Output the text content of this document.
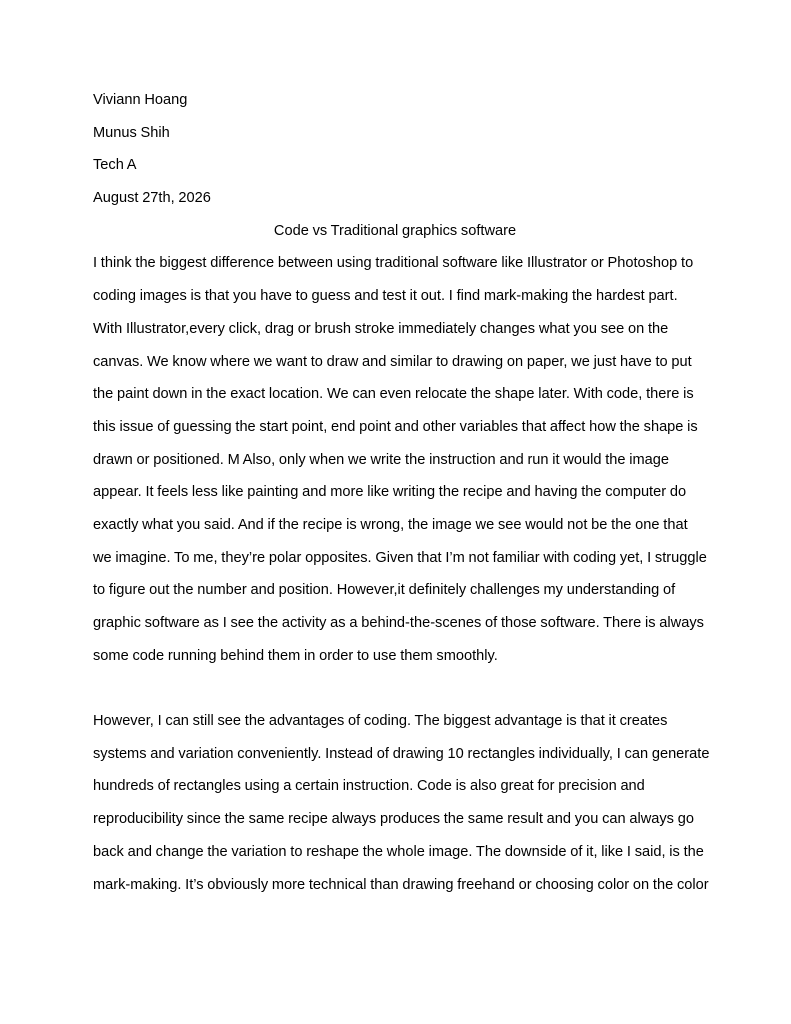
Viviann Hoang
Munus Shih
Tech A
August 27th, 2026
Code vs Traditional graphics software
I think the biggest difference between using traditional software like Illustrator or Photoshop to
coding images is that you have to guess and test it out. I find mark-making the hardest part.
With Illustrator,every click, drag or brush stroke immediately changes what you see on the
canvas. We know where we want to draw and similar to drawing on paper, we just have to put
the paint down in the exact location. We can even relocate the shape later. With code, there is
this issue of guessing the start point, end point and other variables that affect how the shape is
drawn or positioned. M Also, only when we write the instruction and run it would the image
appear. It feels less like painting and more like writing the recipe and having the computer do
exactly what you said. And if the recipe is wrong, the image we see would not be the one that
we imagine. To me, they’re polar opposites. Given that I’m not familiar with coding yet, I struggle
to figure out the number and position. However,it definitely challenges my understanding of
graphic software as I see the activity as a behind-the-scenes of those software. There is always
some code running behind them in order to use them smoothly.
However, I can still see the advantages of coding. The biggest advantage is that it creates
systems and variation conveniently. Instead of drawing 10 rectangles individually, I can generate
hundreds of rectangles using a certain instruction. Code is also great for precision and
reproducibility since the same recipe always produces the same result and you can always go
back and change the variation to reshape the whole image. The downside of it, like I said, is the
mark-making. It’s obviously more technical than drawing freehand or choosing color on the color
